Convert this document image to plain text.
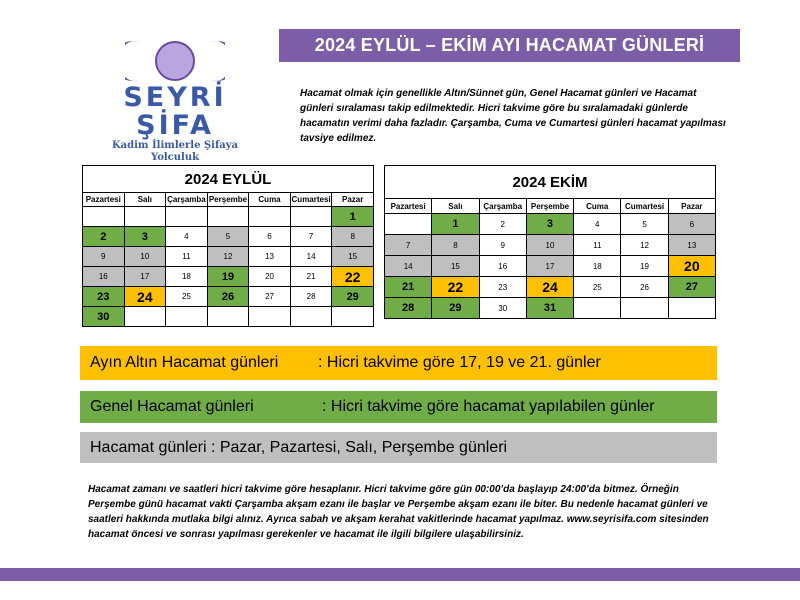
SEYRİ ŞİFA
Kadim İlimlerle Şifaya Yolculuk
2024 EYLÜL – EKİM AYI HACAMAT GÜNLERİ
Hacamat olmak için genellikle Altın/Sünnet gün, Genel Hacamat günleri ve Hacamat günleri sıralaması takip edilmektedir. Hicri takvime göre bu sıralamadaki günlerde hacamatın verimi daha fazladır. Çarşamba, Cuma ve Cumartesi günleri hacamat yapılması tavsiye edilmez.
2024 EYLÜL						
Pazartesi	Salı	Çarşamba	Perşembe	Cuma	Cumartesi	Pazar
						1
2	3	4	5	6	7	8
9	10	11	12	13	14	15
16	17	18	19	20	21	22
23	24	25	26	27	28	29
30						
2024 EKİM						
Pazartesi	Salı	Çarşamba	Perşembe	Cuma	Cumartesi	Pazar
	1	2	3	4	5	6
7	8	9	10	11	12	13
14	15	16	17	18	19	20
21	22	23	24	25	26	27
28	29	30	31			
Ayın Altın Hacamat günleri	: Hicri takvime göre 17, 19 ve 21. günler
Genel Hacamat günleri	: Hicri takvime göre hacamat yapılabilen günler
Hacamat günleri : Pazar, Pazartesi, Salı, Perşembe günleri
Hacamat zamanı ve saatleri hicri takvime göre hesaplanır. Hicri takvime göre gün 00:00’da başlayıp 24:00’da bitmez. Örneğin Perşembe günü hacamat vakti Çarşamba akşam ezanı ile başlar ve Perşembe akşam ezanı ile biter. Bu nedenle hacamat günleri ve saatleri hakkında mutlaka bilgi alınız. Ayrıca sabah ve akşam kerahat vakitlerinde hacamat yapılmaz. www.seyrisifa.com sitesinden hacamat öncesi ve sonrası yapılması gerekenler ve hacamat ile ilgili bilgilere ulaşabilirsiniz.
